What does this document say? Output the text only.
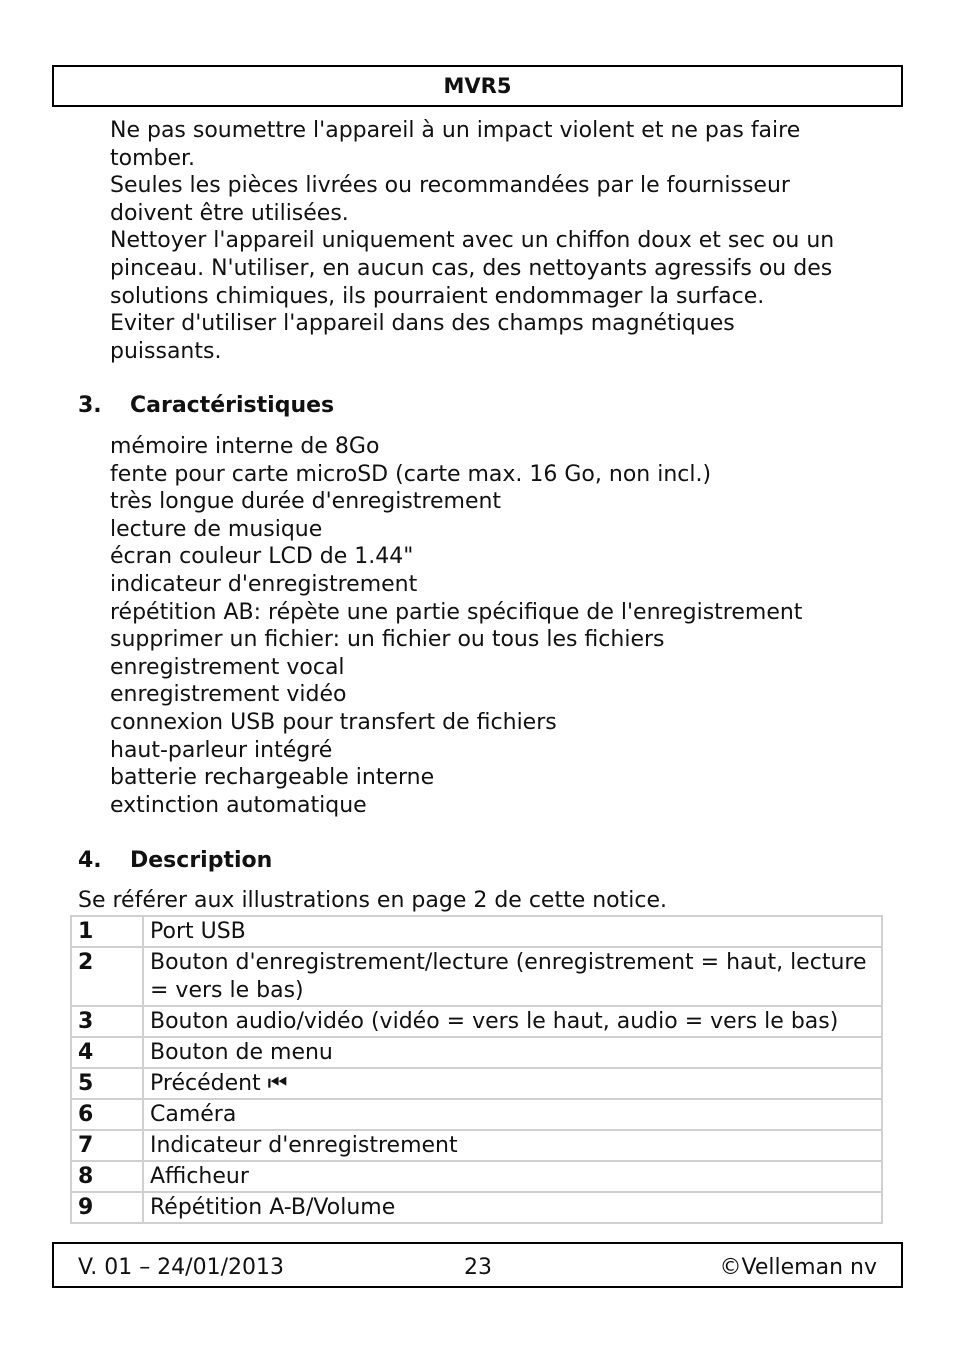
MVR5
Ne pas soumettre l'appareil à un impact violent et ne pas faire
tomber.
Seules les pièces livrées ou recommandées par le fournisseur
doivent être utilisées.
Nettoyer l'appareil uniquement avec un chiffon doux et sec ou un
pinceau. N'utiliser, en aucun cas, des nettoyants agressifs ou des
solutions chimiques, ils pourraient endommager la surface.
Eviter d'utiliser l'appareil dans des champs magnétiques
puissants.
3. Caractéristiques
mémoire interne de 8Go
fente pour carte microSD (carte max. 16 Go, non incl.)
très longue durée d'enregistrement
lecture de musique
écran couleur LCD de 1.44"
indicateur d'enregistrement
répétition AB: répète une partie spécifique de l'enregistrement
supprimer un fichier: un fichier ou tous les fichiers
enregistrement vocal
enregistrement vidéo
connexion USB pour transfert de fichiers
haut-parleur intégré
batterie rechargeable interne
extinction automatique
4. Description
Se référer aux illustrations en page 2 de cette notice.
1	Port USB
2	Bouton d'enregistrement/lecture (enregistrement = haut, lecture = vers le bas)
3	Bouton audio/vidéo (vidéo = vers le haut, audio = vers le bas)
4	Bouton de menu
5	Précédent ⏮
6	Caméra
7	Indicateur d'enregistrement
8	Afficheur
9	Répétition A-B/Volume
V. 01 – 24/01/2013	23	©Velleman nv
